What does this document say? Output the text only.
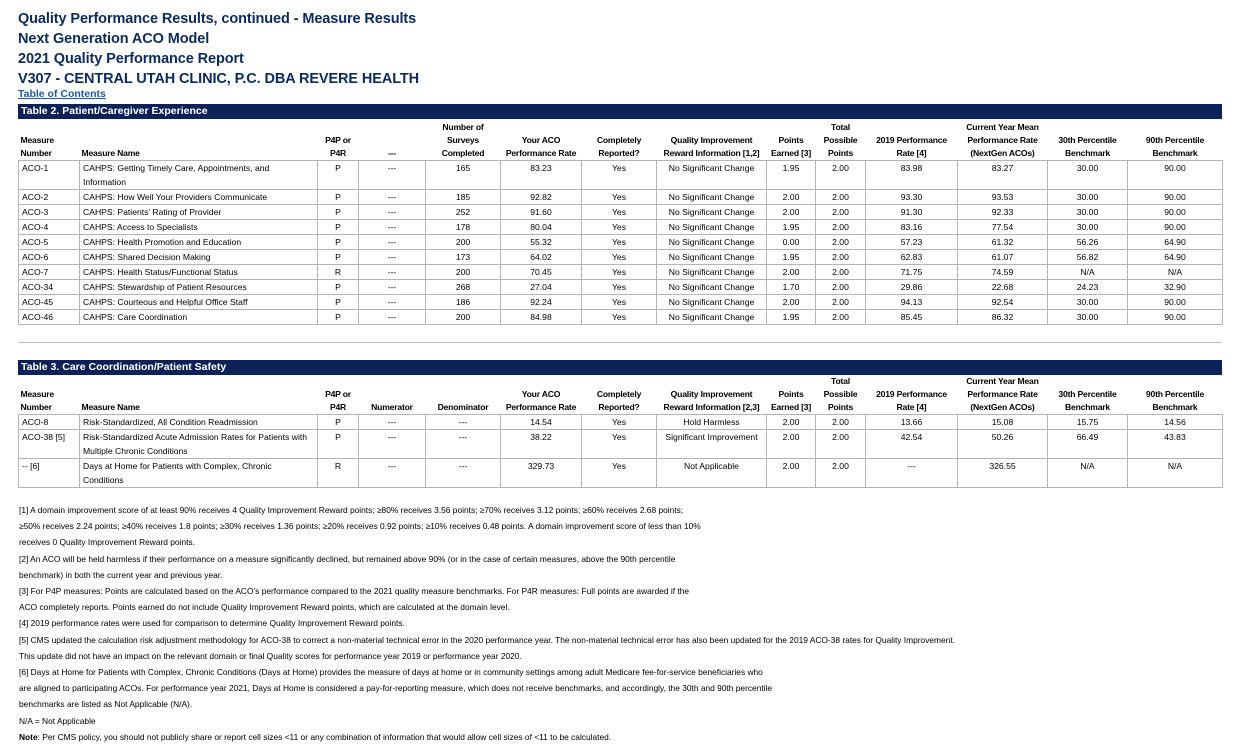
Quality Performance Results, continued - Measure Results
Next Generation ACO Model
2021 Quality Performance Report
V307 - CENTRAL UTAH CLINIC, P.C. DBA REVERE HEALTH
Table of Contents
Table 2. Patient/Caregiver Experience
				Number of					Total		Current Year Mean		
Measure		P4P or		Surveys	Your ACO	Completely	Quality Improvement	Points	Possible	2019 Performance	Performance Rate	30th Percentile	90th Percentile
Number	Measure Name	P4R	---	Completed	Performance Rate	Reported?	Reward Information [1,2]	Earned [3]	Points	Rate [4]	(NextGen ACOs)	Benchmark	Benchmark
ACO-1	CAHPS: Getting Timely Care, Appointments, and Information	P	---	165	83.23	Yes	No Significant Change	1.95	2.00	83.98	83.27	30.00	90.00
ACO-2	CAHPS: How Well Your Providers Communicate	P	---	185	92.82	Yes	No Significant Change	2.00	2.00	93.30	93.53	30.00	90.00
ACO-3	CAHPS: Patients’ Rating of Provider	P	---	252	91.60	Yes	No Significant Change	2.00	2.00	91.30	92.33	30.00	90.00
ACO-4	CAHPS: Access to Specialists	P	---	178	80.04	Yes	No Significant Change	1.95	2.00	83.16	77.54	30.00	90.00
ACO-5	CAHPS: Health Promotion and Education	P	---	200	55.32	Yes	No Significant Change	0.00	2.00	57.23	61.32	56.26	64.90
ACO-6	CAHPS: Shared Decision Making	P	---	173	64.02	Yes	No Significant Change	1.95	2.00	62.83	61.07	56.82	64.90
ACO-7	CAHPS: Health Status/Functional Status	R	---	200	70.45	Yes	No Significant Change	2.00	2.00	71.75	74.59	N/A	N/A
ACO-34	CAHPS: Stewardship of Patient Resources	P	---	268	27.04	Yes	No Significant Change	1.70	2.00	29.86	22.68	24.23	32.90
ACO-45	CAHPS: Courteous and Helpful Office Staff	P	---	186	92.24	Yes	No Significant Change	2.00	2.00	94.13	92.54	30.00	90.00
ACO-46	CAHPS: Care Coordination	P	---	200	84.98	Yes	No Significant Change	1.95	2.00	85.45	86.32	30.00	90.00
Table 3. Care Coordination/Patient Safety
									Total		Current Year Mean		
Measure		P4P or			Your ACO	Completely	Quality Improvement	Points	Possible	2019 Performance	Performance Rate	30th Percentile	90th Percentile
Number	Measure Name	P4R	Numerator	Denominator	Performance Rate	Reported?	Reward Information [2,3]	Earned [3]	Points	Rate [4]	(NextGen ACOs)	Benchmark	Benchmark
ACO-8	Risk-Standardized, All Condition Readmission	P	---	---	14.54	Yes	Hold Harmless	2.00	2.00	13.66	15.08	15.75	14.56
ACO-38 [5]	Risk-Standardized Acute Admission Rates for Patients with Multiple Chronic Conditions	P	---	---	38.22	Yes	Significant Improvement	2.00	2.00	42.54	50.26	66.49	43.83
-- [6]	Days at Home for Patients with Complex, Chronic Conditions	R	---	---	329.73	Yes	Not Applicable	2.00	2.00	---	326.55	N/A	N/A
[1] A domain improvement score of at least 90% receives 4 Quality Improvement Reward points; ≥80% receives 3.56 points; ≥70% receives 3.12 points; ≥60% receives 2.68 points;
≥50% receives 2.24 points; ≥40% receives 1.8 points; ≥30% receives 1.36 points; ≥20% receives 0.92 points; ≥10% receives 0.48 points. A domain improvement score of less than 10%
receives 0 Quality Improvement Reward points.
[2] An ACO will be held harmless if their performance on a measure significantly declined, but remained above 90% (or in the case of certain measures, above the 90th percentile
benchmark) in both the current year and previous year.
[3] For P4P measures: Points are calculated based on the ACO’s performance compared to the 2021 quality measure benchmarks. For P4R measures: Full points are awarded if the
ACO completely reports. Points earned do not include Quality Improvement Reward points, which are calculated at the domain level.
[4] 2019 performance rates were used for comparison to determine Quality Improvement Reward points.
[5] CMS updated the calculation risk adjustment methodology for ACO-38 to correct a non-material technical error in the 2020 performance year. The non-material technical error has also been updated for the 2019 ACO-38 rates for Quality Improvement.
This update did not have an impact on the relevant domain or final Quality scores for performance year 2019 or performance year 2020.
[6] Days at Home for Patients with Complex, Chronic Conditions (Days at Home) provides the measure of days at home or in community settings among adult Medicare fee-for-service beneficiaries who
are aligned to participating ACOs. For performance year 2021, Days at Home is considered a pay-for-reporting measure, which does not receive benchmarks, and accordingly, the 30th and 90th percentile
benchmarks are listed as Not Applicable (N/A).
N/A = Not Applicable
Note: Per CMS policy, you should not publicly share or report cell sizes <11 or any combination of information that would allow cell sizes of <11 to be calculated.
